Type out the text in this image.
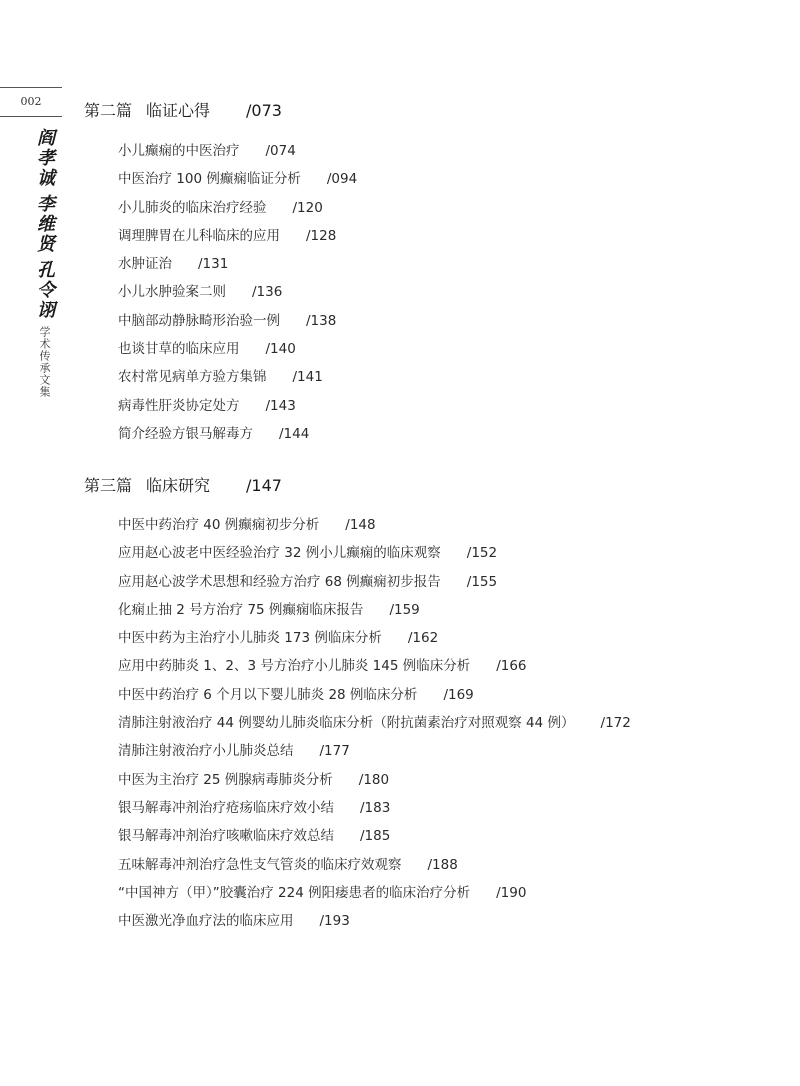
002
阎孝诚
李维贤
孔令诩
学术传承文集
第二篇 临证心得 /073
小儿癫痫的中医治疗 /074
中医治疗 100 例癫痫临证分析 /094
小儿肺炎的临床治疗经验 /120
调理脾胃在儿科临床的应用 /128
水肿证治 /131
小儿水肿验案二则 /136
中脑部动静脉畸形治验一例 /138
也谈甘草的临床应用 /140
农村常见病单方验方集锦 /141
病毒性肝炎协定处方 /143
简介经验方银马解毒方 /144
第三篇 临床研究 /147
中医中药治疗 40 例癫痫初步分析 /148
应用赵心波老中医经验治疗 32 例小儿癫痫的临床观察 /152
应用赵心波学术思想和经验方治疗 68 例癫痫初步报告 /155
化痫止抽 2 号方治疗 75 例癫痫临床报告 /159
中医中药为主治疗小儿肺炎 173 例临床分析 /162
应用中药肺炎 1、2、3 号方治疗小儿肺炎 145 例临床分析 /166
中医中药治疗 6 个月以下婴儿肺炎 28 例临床分析 /169
清肺注射液治疗 44 例婴幼儿肺炎临床分析（附抗菌素治疗对照观察 44 例） /172
清肺注射液治疗小儿肺炎总结 /177
中医为主治疗 25 例腺病毒肺炎分析 /180
银马解毒冲剂治疗疮疡临床疗效小结 /183
银马解毒冲剂治疗咳嗽临床疗效总结 /185
五味解毒冲剂治疗急性支气管炎的临床疗效观察 /188
“中国神方（甲）”胶囊治疗 224 例阳痿患者的临床治疗分析 /190
中医激光净血疗法的临床应用 /193
